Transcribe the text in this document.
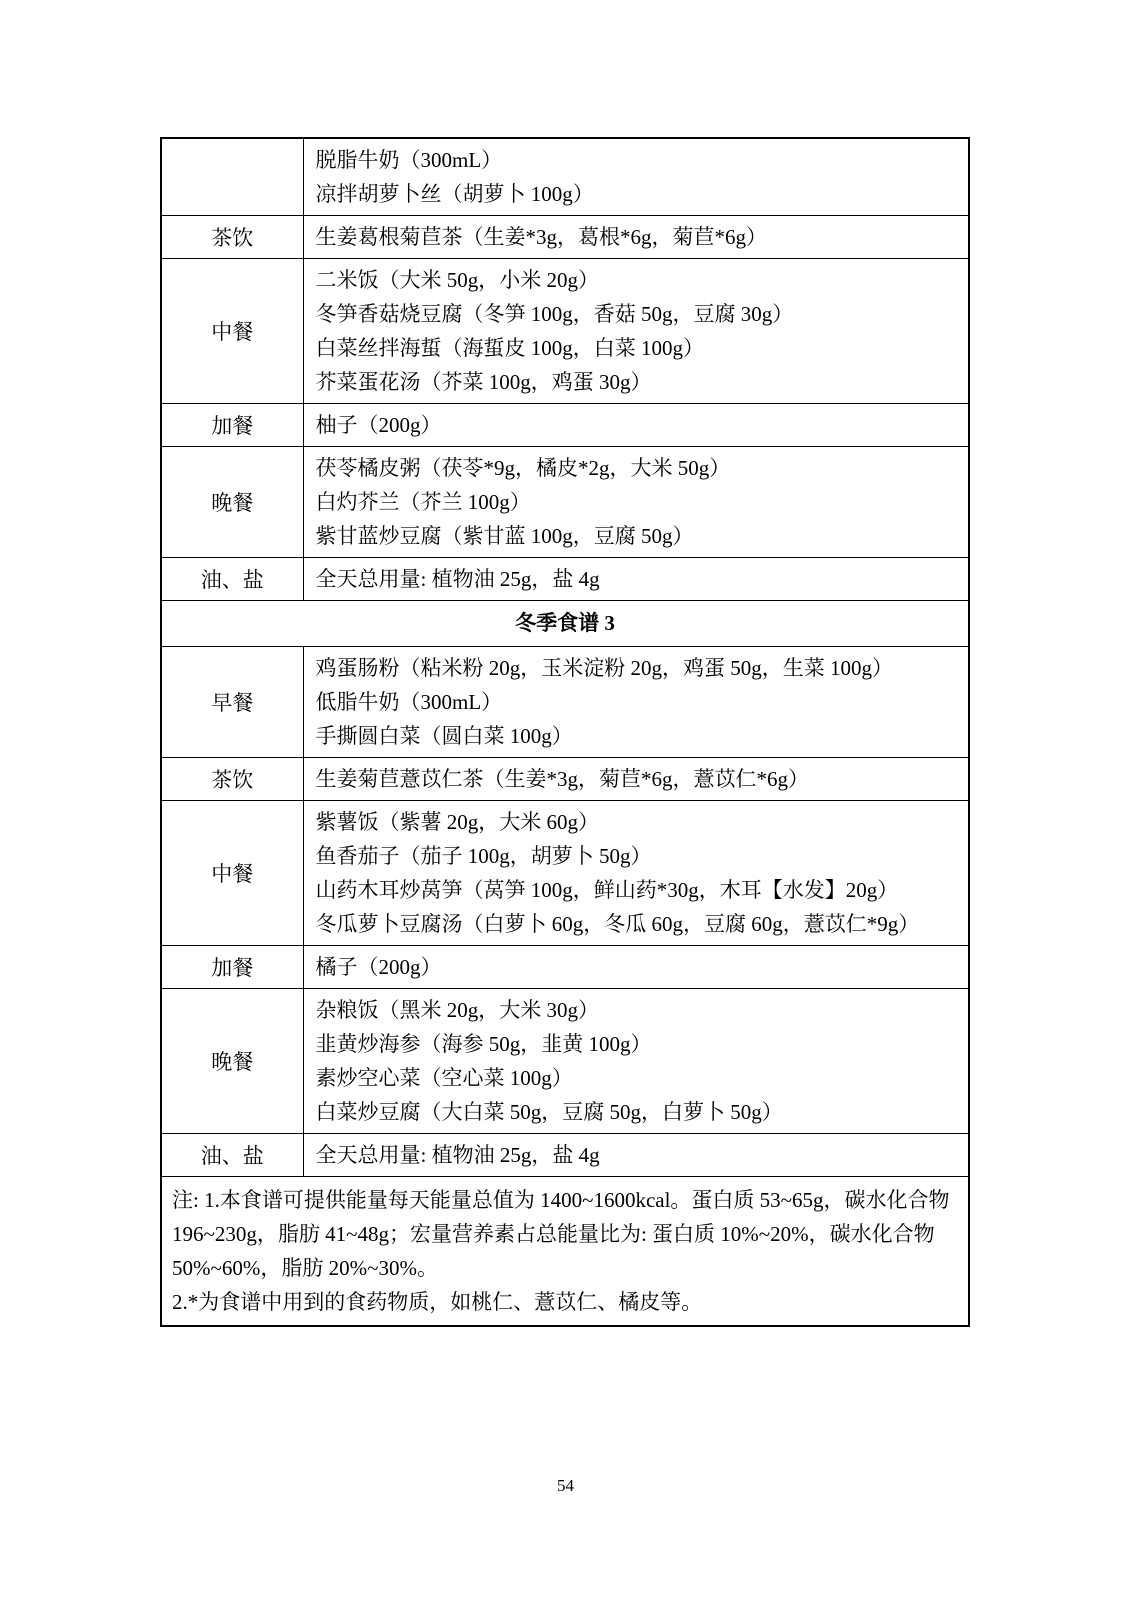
	脱脂牛奶（300mL）
凉拌胡萝卜丝（胡萝卜 100g）

茶饮	生姜葛根菊苣茶（生姜*3g，葛根*6g，菊苣*6g）

中餐	二米饭（大米 50g，小米 20g）
冬笋香菇烧豆腐（冬笋 100g，香菇 50g，豆腐 30g）
白菜丝拌海蜇（海蜇皮 100g，白菜 100g）
芥菜蛋花汤（芥菜 100g，鸡蛋 30g）

加餐	柚子（200g）

晚餐	茯苓橘皮粥（茯苓*9g，橘皮*2g，大米 50g）
白灼芥兰（芥兰 100g）
紫甘蓝炒豆腐（紫甘蓝 100g，豆腐 50g）

油、盐	全天总用量: 植物油 25g，盐 4g

冬季食谱 3	
早餐	鸡蛋肠粉（粘米粉 20g，玉米淀粉 20g，鸡蛋 50g，生菜 100g）
低脂牛奶（300mL）
手撕圆白菜（圆白菜 100g）

茶饮	生姜菊苣薏苡仁茶（生姜*3g，菊苣*6g，薏苡仁*6g）

中餐	紫薯饭（紫薯 20g，大米 60g）
鱼香茄子（茄子 100g，胡萝卜 50g）
山药木耳炒莴笋（莴笋 100g，鲜山药*30g，木耳【水发】20g）
冬瓜萝卜豆腐汤（白萝卜 60g，冬瓜 60g，豆腐 60g，薏苡仁*9g）

加餐	橘子（200g）

晚餐	杂粮饭（黑米 20g，大米 30g）
韭黄炒海参（海参 50g，韭黄 100g）
素炒空心菜（空心菜 100g）
白菜炒豆腐（大白菜 50g，豆腐 50g，白萝卜 50g）

油、盐	全天总用量: 植物油 25g，盐 4g

注: 1.本食谱可提供能量每天能量总值为 1400~1600kcal。蛋白质 53~65g，碳水化合物 196~230g，脂肪 41~48g；宏量营养素占总能量比为: 蛋白质 10%~20%，碳水化合物 50%~60%，脂肪 20%~30%。

2.*为食谱中用到的食药物质，如桃仁、薏苡仁、橘皮等。	

54
